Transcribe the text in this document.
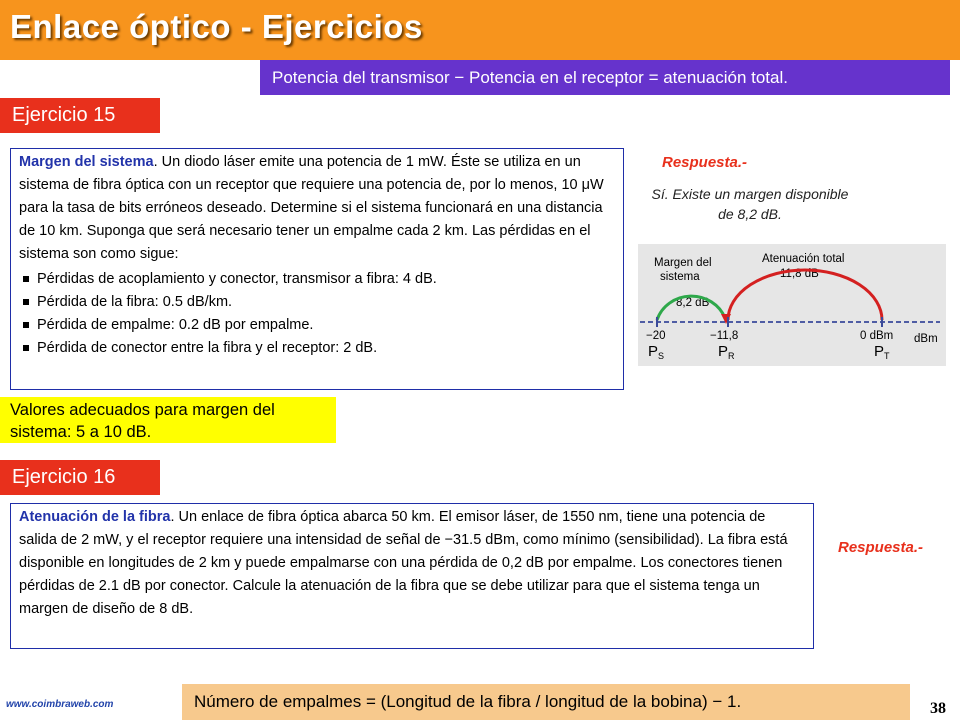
Enlace óptico - Ejercicios
Potencia del transmisor − Potencia en el receptor = atenuación total.
Ejercicio 15

Margen del sistema. Un diodo láser emite una potencia de 1 mW. Éste se utiliza en un sistema de fibra óptica con un receptor que requiere una potencia de, por lo menos, 10 μW para la tasa de bits erróneos deseado. Determine si el sistema funcionará en una distancia de 10 km. Suponga que será necesario tener un empalme cada 2 km. Las pérdidas en el sistema son como sigue:

Pérdidas de acoplamiento y conector, transmisor a fibra: 4 dB.
Pérdida de la fibra: 0.5 dB/km.
Pérdida de empalme: 0.2 dB por empalme.
Pérdida de conector entre la fibra y el receptor: 2 dB.
Respuesta.-
Sí. Existe un margen disponible de 8,2 dB.
Margen del
sistema
8,2 dB
Atenuación total
11,8 dB
−20	−11,8	0 dBm dBm
$P_S$	$P_R$	$P_T$
Valores adecuados para margen del sistema: 5 a 10 dB.
Ejercicio 16

Atenuación de la fibra. Un enlace de fibra óptica abarca 50 km. El emisor láser, de 1550 nm, tiene una potencia de salida de 2 mW, y el receptor requiere una intensidad de señal de −31.5 dBm, como mínimo (sensibilidad). La fibra está disponible en longitudes de 2 km y puede empalmarse con una pérdida de 0,2 dB por empalme. Los conectores tienen pérdidas de 2.1 dB por conector. Calcule la atenuación de la fibra que se debe utilizar para que el sistema tenga un margen de diseño de 8 dB.

Respuesta.-
Número de empalmes = (Longitud de la fibra / longitud de la bobina) − 1.
www.coimbraweb.com	38
